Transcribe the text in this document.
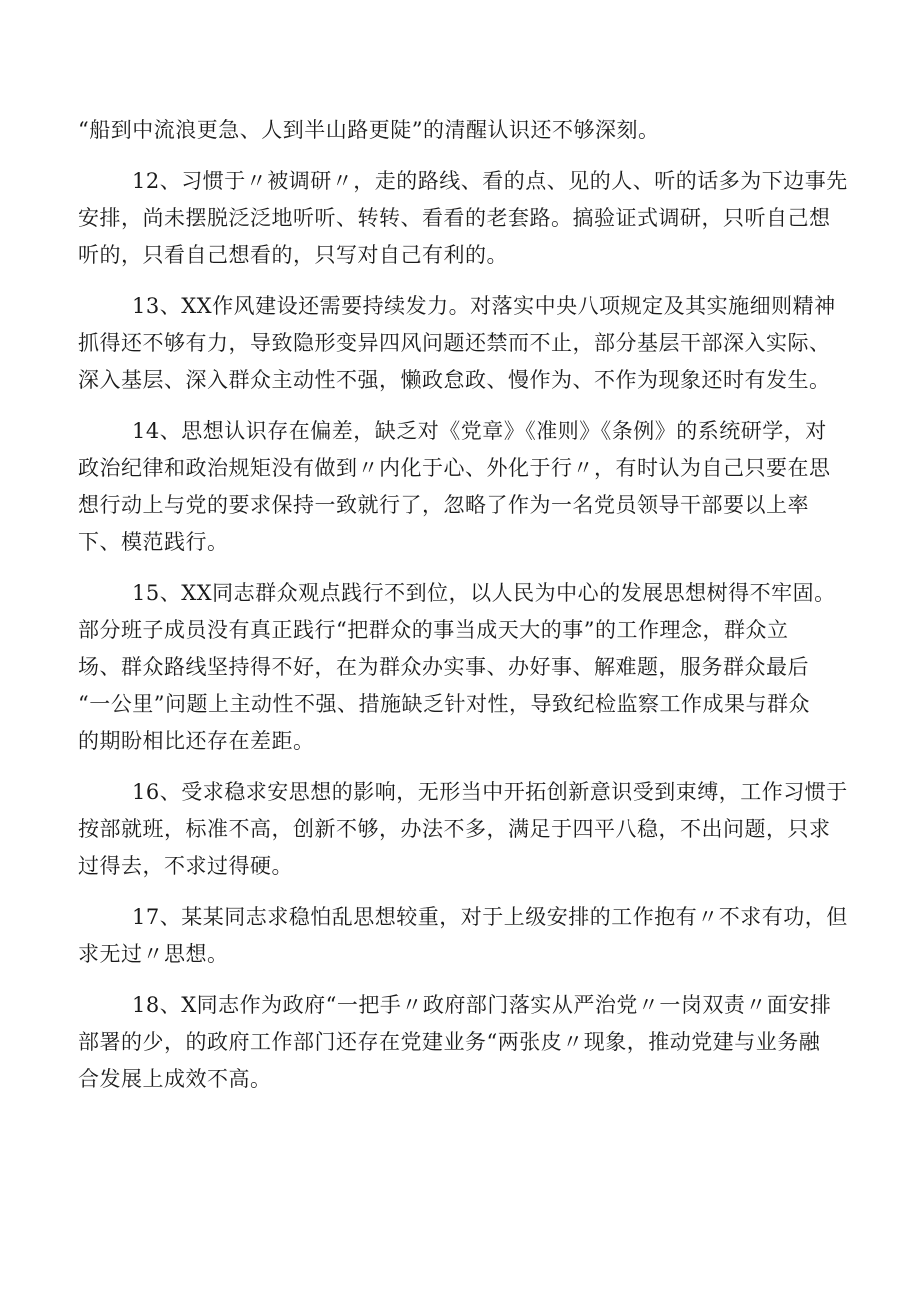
“船到中流浪更急、人到半山路更陡”的清醒认识还不够深刻。
12、习惯于〃被调研〃，走的路线、看的点、见的人、听的话多为下边事先
安排，尚未摆脱泛泛地听听、转转、看看的老套路。搞验证式调研，只听自己想
听的，只看自己想看的，只写对自己有利的。
13、XX作风建设还需要持续发力。对落实中央八项规定及其实施细则精神
抓得还不够有力，导致隐形变异四风问题还禁而不止，部分基层干部深入实际、
深入基层、深入群众主动性不强，懒政怠政、慢作为、不作为现象还时有发生。
14、思想认识存在偏差，缺乏对《党章》《准则》《条例》的系统研学，对
政治纪律和政治规矩没有做到〃内化于心、外化于行〃，有时认为自己只要在思
想行动上与党的要求保持一致就行了，忽略了作为一名党员领导干部要以上率
下、模范践行。
15、XX同志群众观点践行不到位，以人民为中心的发展思想树得不牢固。
部分班子成员没有真正践行“把群众的事当成天大的事”的工作理念，群众立
场、群众路线坚持得不好，在为群众办实事、办好事、解难题，服务群众最后
“一公里”问题上主动性不强、措施缺乏针对性，导致纪检监察工作成果与群众
的期盼相比还存在差距。
16、受求稳求安思想的影响，无形当中开拓创新意识受到束缚，工作习惯于
按部就班，标准不高，创新不够，办法不多，满足于四平八稳，不出问题，只求
过得去，不求过得硬。
17、某某同志求稳怕乱思想较重，对于上级安排的工作抱有〃不求有功，但
求无过〃思想。
18、X同志作为政府“一把手〃政府部门落实从严治党〃一岗双责〃面安排
部署的少，的政府工作部门还存在党建业务“两张皮〃现象，推动党建与业务融
合发展上成效不高。
